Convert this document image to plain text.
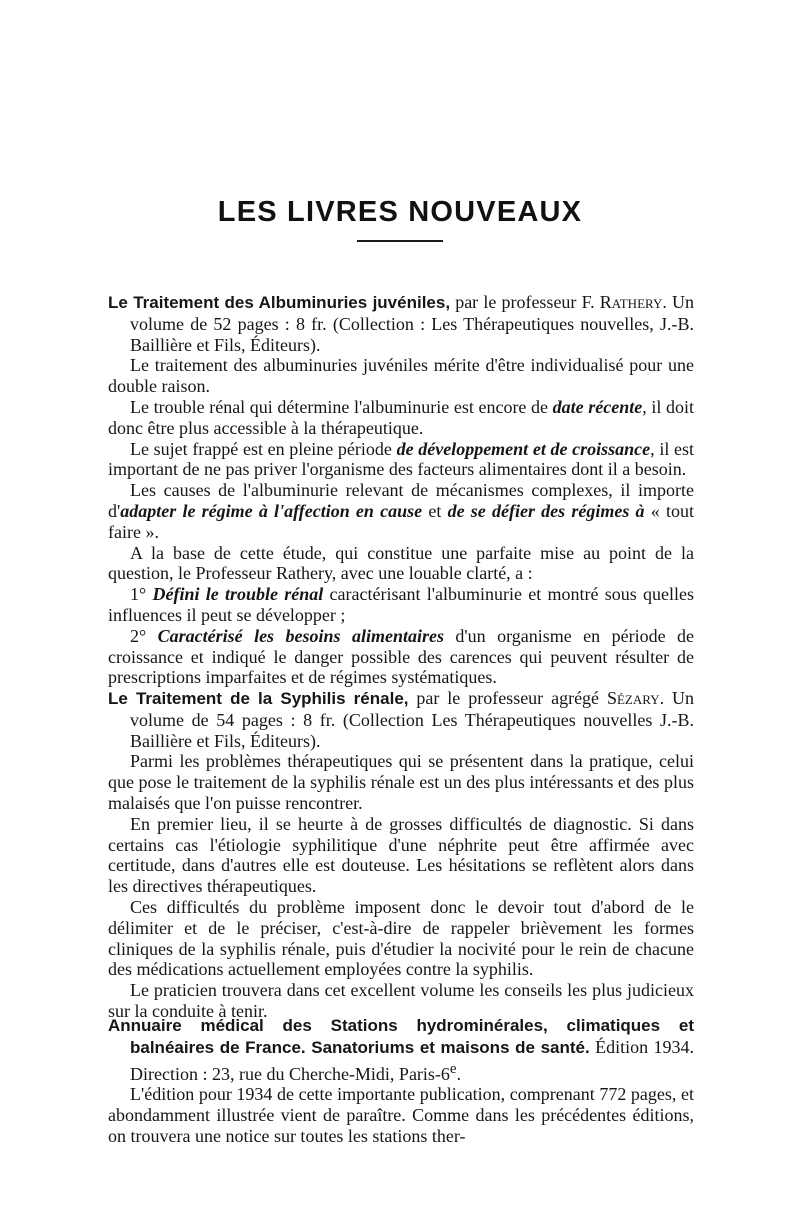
LES LIVRES NOUVEAUX

Le Traitement des Albuminuries juvéniles, par le professeur F. Rathery. Un volume de 52 pages : 8 fr. (Collection : Les Thérapeutiques nouvelles, J.-B. Baillière et Fils, Éditeurs).

Le traitement des albuminuries juvéniles mérite d'être individualisé pour une double raison.

Le trouble rénal qui détermine l'albuminurie est encore de date récente, il doit donc être plus accessible à la thérapeutique.

Le sujet frappé est en pleine période de développement et de croissance, il est important de ne pas priver l'organisme des facteurs alimentaires dont il a besoin.

Les causes de l'albuminurie relevant de mécanismes complexes, il importe d'adapter le régime à l'affection en cause et de se défier des régimes à « tout faire ».

A la base de cette étude, qui constitue une parfaite mise au point de la question, le Professeur Rathery, avec une louable clarté, a :

1° Défini le trouble rénal caractérisant l'albuminurie et montré sous quelles influences il peut se développer ;

2° Caractérisé les besoins alimentaires d'un organisme en période de croissance et indiqué le danger possible des carences qui peuvent résulter de prescriptions imparfaites et de régimes systématiques.

Le Traitement de la Syphilis rénale, par le professeur agrégé Sézary. Un volume de 54 pages : 8 fr. (Collection Les Thérapeutiques nouvelles J.-B. Baillière et Fils, Éditeurs).

Parmi les problèmes thérapeutiques qui se présentent dans la pratique, celui que pose le traitement de la syphilis rénale est un des plus intéressants et des plus malaisés que l'on puisse rencontrer.

En premier lieu, il se heurte à de grosses difficultés de diagnostic. Si dans certains cas l'étiologie syphilitique d'une néphrite peut être affirmée avec certitude, dans d'autres elle est douteuse. Les hésitations se reflètent alors dans les directives thérapeutiques.

Ces difficultés du problème imposent donc le devoir tout d'abord de le délimiter et de le préciser, c'est-à-dire de rappeler brièvement les formes cliniques de la syphilis rénale, puis d'étudier la nocivité pour le rein de chacune des médications actuellement employées contre la syphilis.

Le praticien trouvera dans cet excellent volume les conseils les plus judicieux sur la conduite à tenir.

Annuaire médical des Stations hydrominérales, climatiques et balnéaires de France. Sanatoriums et maisons de santé. Édition 1934. Direction : 23, rue du Cherche-Midi, Paris-6e.

L'édition pour 1934 de cette importante publication, comprenant 772 pages, et abondamment illustrée vient de paraître. Comme dans les précédentes éditions, on trouvera une notice sur toutes les stations ther-
